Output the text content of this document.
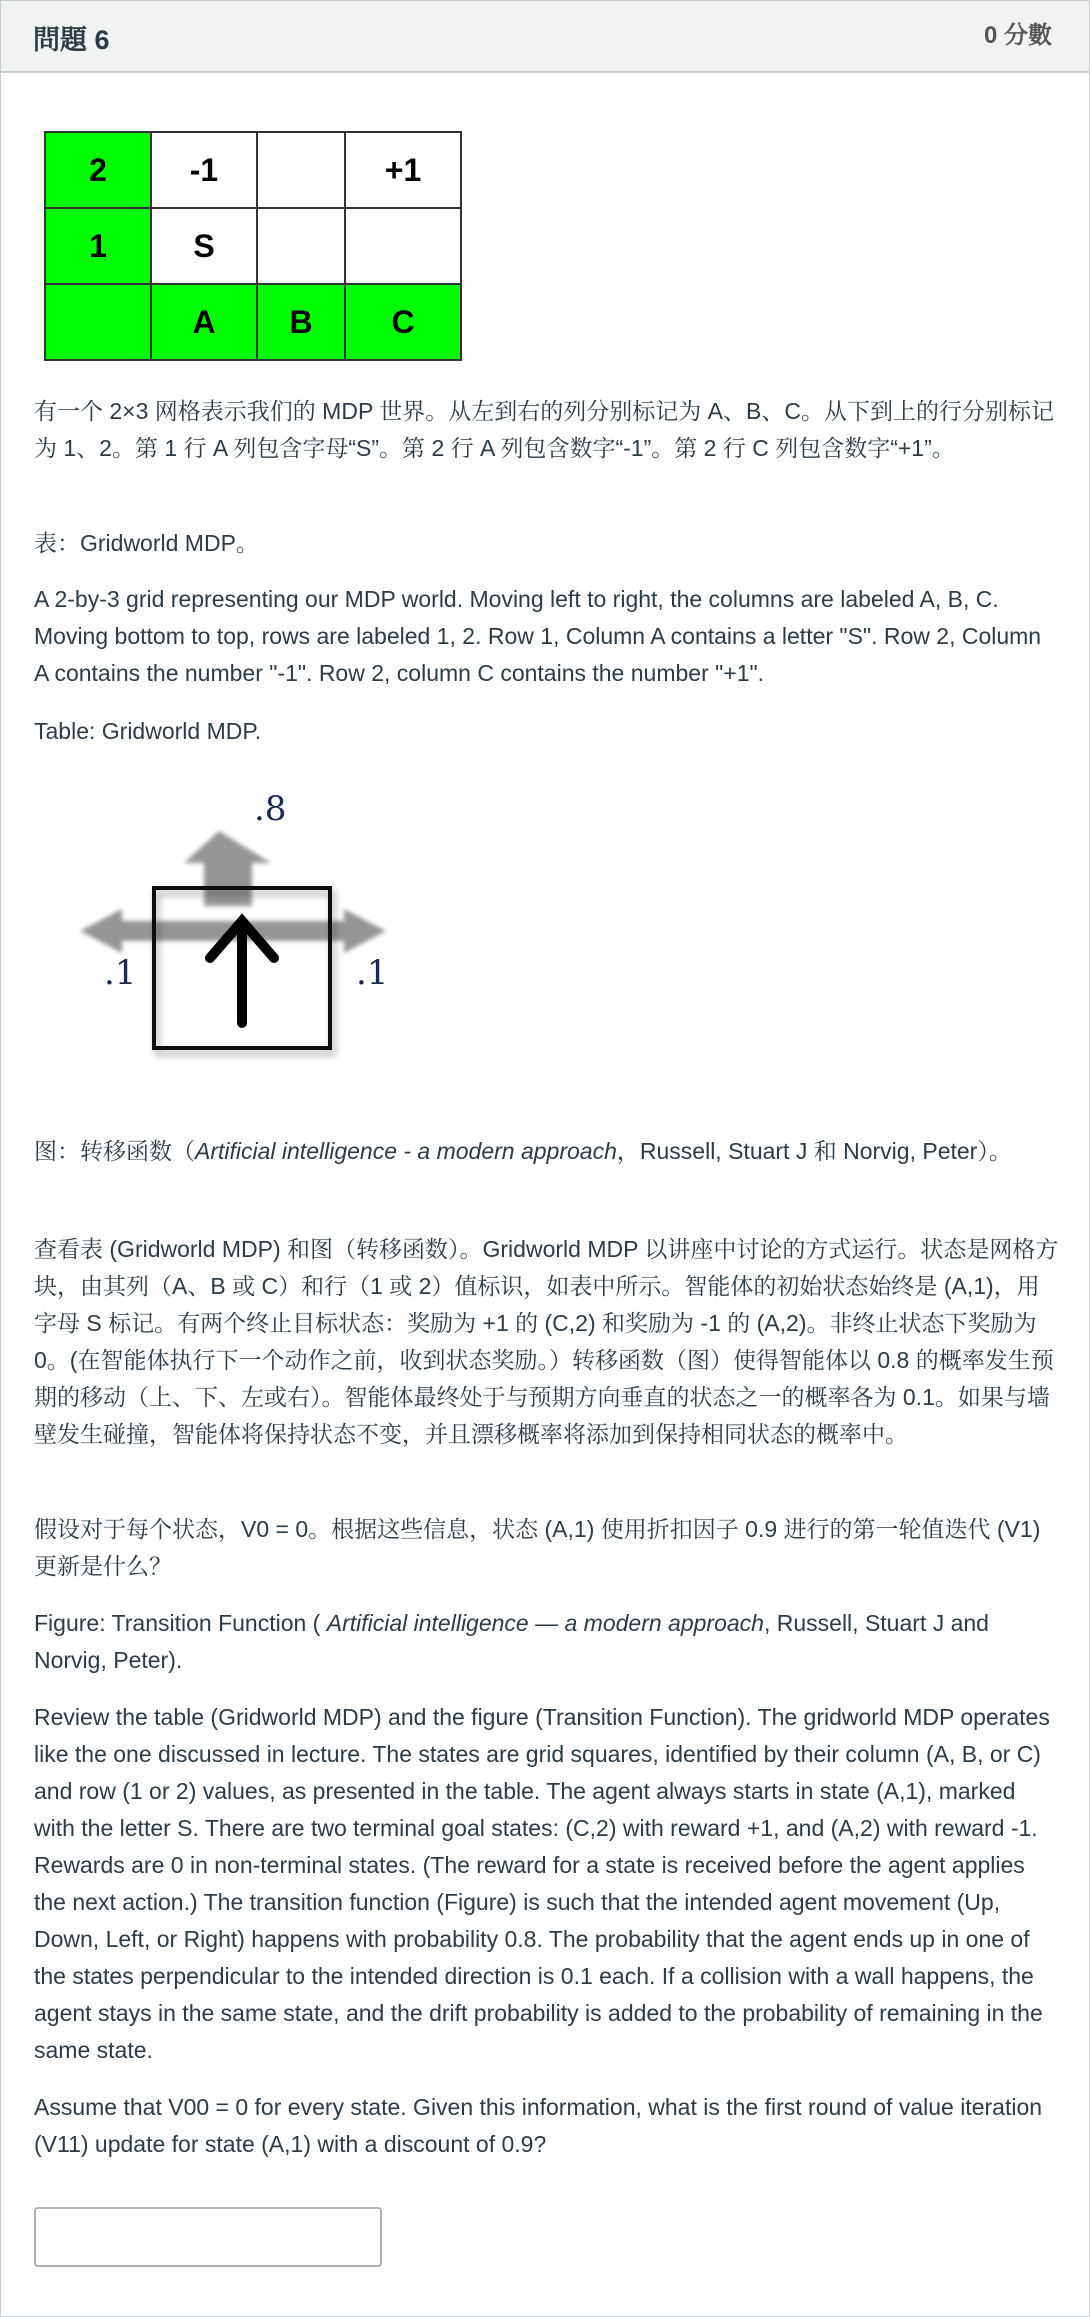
問題 6	0 分數
2	-1		+1
1	S		
	A	B	C

有一个 2×3 网格表示我们的 MDP 世界。从左到右的列分别标记为 A、B、C。从下到上的行分别标记为 1、2。第 1 行 A 列包含字母“S”。第 2 行 A 列包含数字“-1”。第 2 行 C 列包含数字“+1”。

表：Gridworld MDP。

A 2-by-3 grid representing our MDP world. Moving left to right, the columns are labeled A, B, C. Moving bottom to top, rows are labeled 1, 2. Row 1, Column A contains a letter "S". Row 2, Column A contains the number "-1". Row 2, column C contains the number "+1".

Table: Gridworld MDP.

.8
.1	.1

图：转移函数（Artificial intelligence - a modern approach，Russell, Stuart J 和 Norvig, Peter）。

查看表 (Gridworld MDP) 和图（转移函数）。Gridworld MDP 以讲座中讨论的方式运行。状态是网格方块，由其列（A、B 或 C）和行（1 或 2）值标识，如表中所示。智能体的初始状态始终是 (A,1)，用字母 S 标记。有两个终止目标状态：奖励为 +1 的 (C,2) 和奖励为 -1 的 (A,2)。非终止状态下奖励为 0。(在智能体执行下一个动作之前，收到状态奖励。）转移函数（图）使得智能体以 0.8 的概率发生预期的移动（上、下、左或右）。智能体最终处于与预期方向垂直的状态之一的概率各为 0.1。如果与墙壁发生碰撞，智能体将保持状态不变，并且漂移概率将添加到保持相同状态的概率中。

假设对于每个状态，V0 = 0。根据这些信息，状态 (A,1) 使用折扣因子 0.9 进行的第一轮值迭代 (V1) 更新是什么？

Figure: Transition Function ( Artificial intelligence — a modern approach, Russell, Stuart J and Norvig, Peter).

Review the table (Gridworld MDP) and the figure (Transition Function). The gridworld MDP operates like the one discussed in lecture. The states are grid squares, identified by their column (A, B, or C) and row (1 or 2) values, as presented in the table. The agent always starts in state (A,1), marked with the letter S. There are two terminal goal states: (C,2) with reward +1, and (A,2) with reward -1. Rewards are 0 in non-terminal states. (The reward for a state is received before the agent applies the next action.) The transition function (Figure) is such that the intended agent movement (Up, Down, Left, or Right) happens with probability 0.8. The probability that the agent ends up in one of the states perpendicular to the intended direction is 0.1 each. If a collision with a wall happens, the agent stays in the same state, and the drift probability is added to the probability of remaining in the same state.

Assume that V00 = 0 for every state. Given this information, what is the first round of value iteration (V11) update for state (A,1) with a discount of 0.9?
